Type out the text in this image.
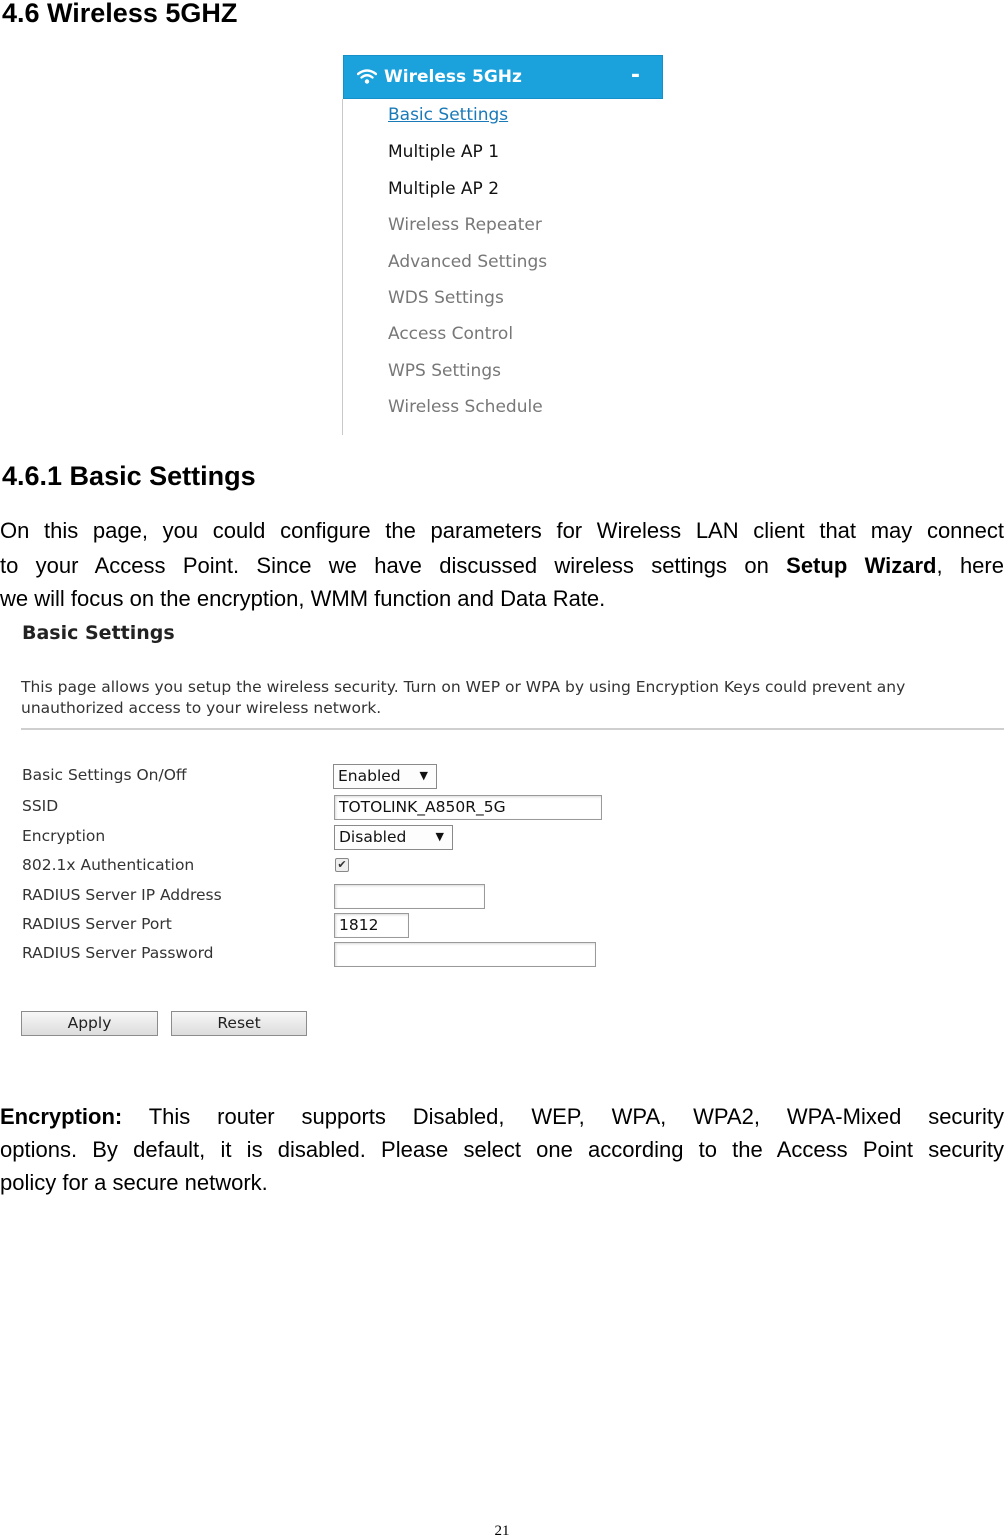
4.6 Wireless 5GHZ
Wireless 5GHz	-
Basic Settings
Multiple AP 1
Multiple AP 2
Wireless Repeater
Advanced Settings
WDS Settings
Access Control
WPS Settings
Wireless Schedule
4.6.1 Basic Settings
On this page, you could configure the parameters for Wireless LAN client that may connect
to your Access Point. Since we have discussed wireless settings on Setup Wizard, here
we will focus on the encryption, WMM function and Data Rate.
Basic Settings
This page allows you setup the wireless security. Turn on WEP or WPA by using Encryption Keys could prevent any unauthorized access to your wireless network.
Basic Settings On/Off	Enabled ▼
SSID	TOTOLINK_A850R_5G
Encryption	Disabled	▼
802.1x Authentication	✔
RADIUS Server IP Address
RADIUS Server Port	1812
RADIUS Server Password
Apply	Reset
Encryption: This router supports Disabled, WEP, WPA, WPA2, WPA-Mixed security
options. By default, it is disabled. Please select one according to the Access Point security
policy for a secure network.
21
